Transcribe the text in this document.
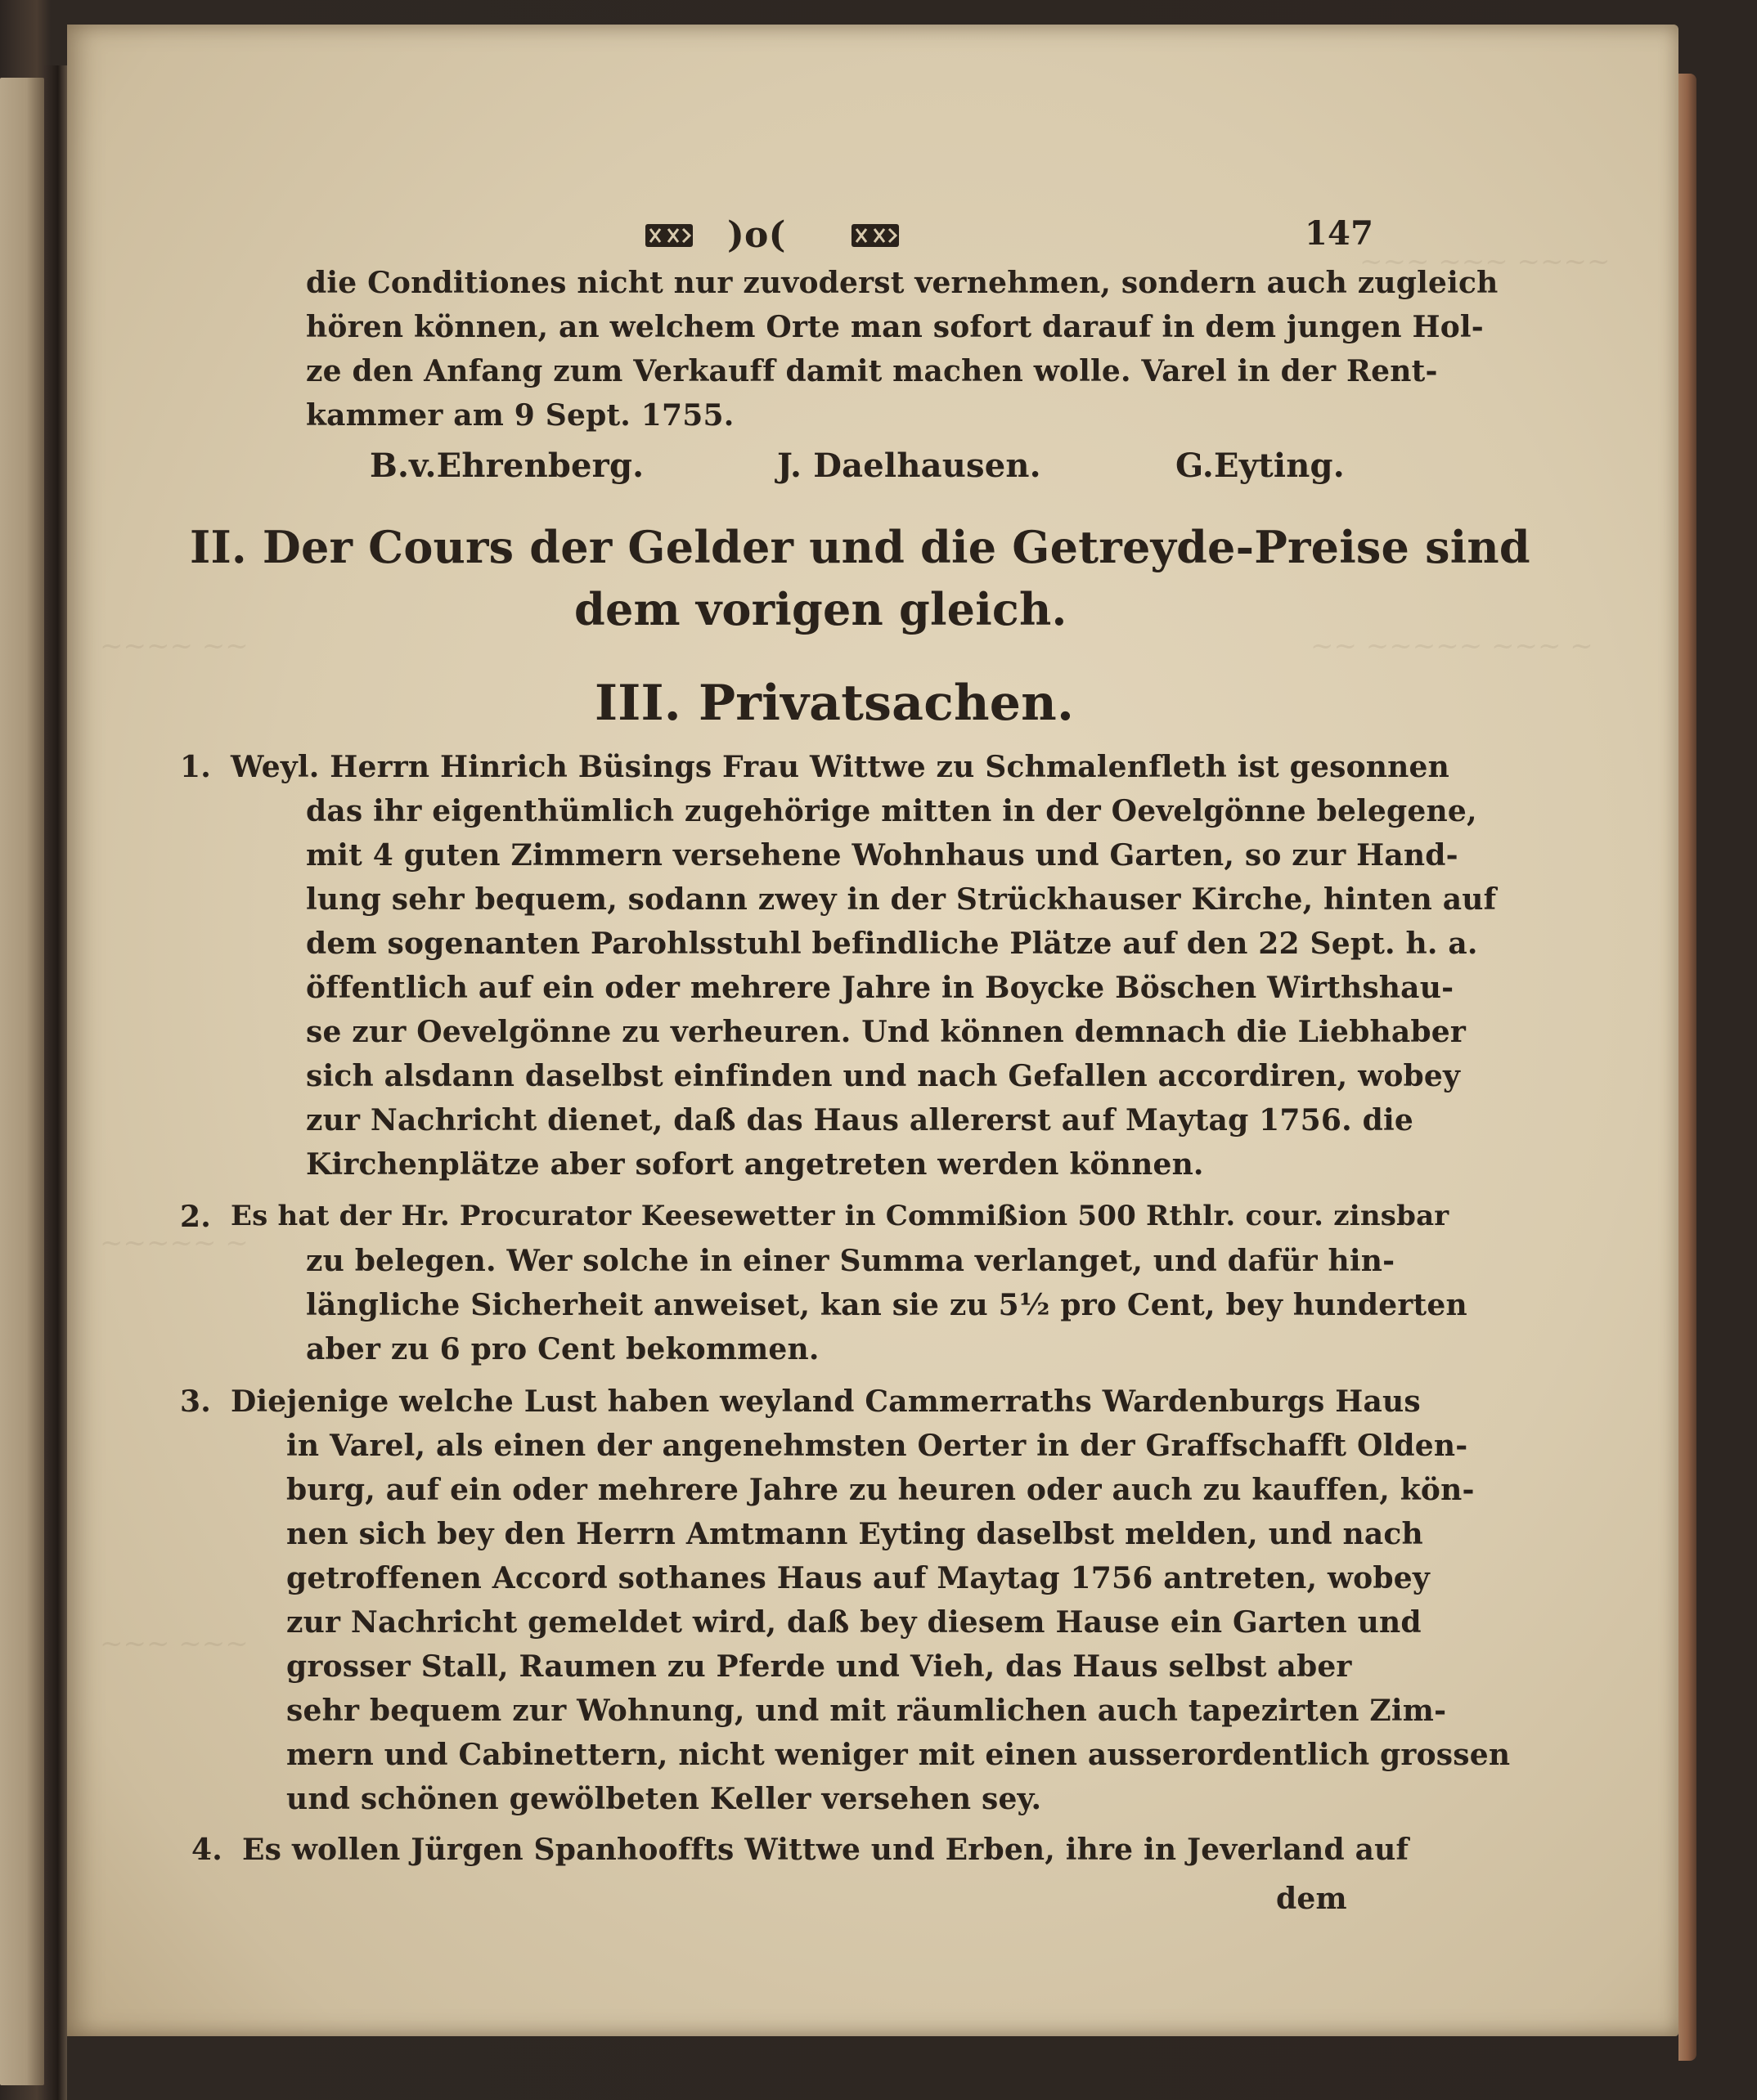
~~~ ~~~ ~~~~
~~ ~~~~~ ~~~ ~
~~~~ ~~
~~~~~ ~
~~~ ~~~
)o(	147
die Conditiones nicht nur zuvoderst vernehmen, sondern auch zugleich
hören können, an welchem Orte man sofort darauf in dem jungen Hol-
ze den Anfang zum Verkauff damit machen wolle. Varel in der Rent-
kammer am 9 Sept. 1755.
B.v.Ehrenberg.	J. Daelhausen.	G.Eyting.
II. Der Cours der Gelder und die Getreyde-Preise sind
dem vorigen gleich.
III. Privatsachen.
1. Weyl. Herrn Hinrich Büsings Frau Wittwe zu Schmalenfleth ist gesonnen
das ihr eigenthümlich zugehörige mitten in der Oevelgönne belegene,
mit 4 guten Zimmern versehene Wohnhaus und Garten, so zur Hand-
lung sehr bequem, sodann zwey in der Strückhauser Kirche, hinten auf
dem sogenanten Parohlsstuhl befindliche Plätze auf den 22 Sept. h. a.
öffentlich auf ein oder mehrere Jahre in Boycke Böschen Wirthshau-
se zur Oevelgönne zu verheuren. Und können demnach die Liebhaber
sich alsdann daselbst einfinden und nach Gefallen accordiren, wobey
zur Nachricht dienet, daß das Haus allererst auf Maytag 1756. die
Kirchenplätze aber sofort angetreten werden können.
2. Es hat der Hr. Procurator Keesewetter in Commißion 500 Rthlr. cour. zinsbar
zu belegen. Wer solche in einer Summa verlanget, und dafür hin-
längliche Sicherheit anweiset, kan sie zu 5½ pro Cent, bey hunderten
aber zu 6 pro Cent bekommen.
3. Diejenige welche Lust haben weyland Cammerraths Wardenburgs Haus
in Varel, als einen der angenehmsten Oerter in der Graffschafft Olden-
burg, auf ein oder mehrere Jahre zu heuren oder auch zu kauffen, kön-
nen sich bey den Herrn Amtmann Eyting daselbst melden, und nach
getroffenen Accord sothanes Haus auf Maytag 1756 antreten, wobey
zur Nachricht gemeldet wird, daß bey diesem Hause ein Garten und
grosser Stall, Raumen zu Pferde und Vieh, das Haus selbst aber
sehr bequem zur Wohnung, und mit räumlichen auch tapezirten Zim-
mern und Cabinettern, nicht weniger mit einen ausserordentlich grossen
und schönen gewölbeten Keller versehen sey.
4. Es wollen Jürgen Spanhooffts Wittwe und Erben, ihre in Jeverland auf
dem
